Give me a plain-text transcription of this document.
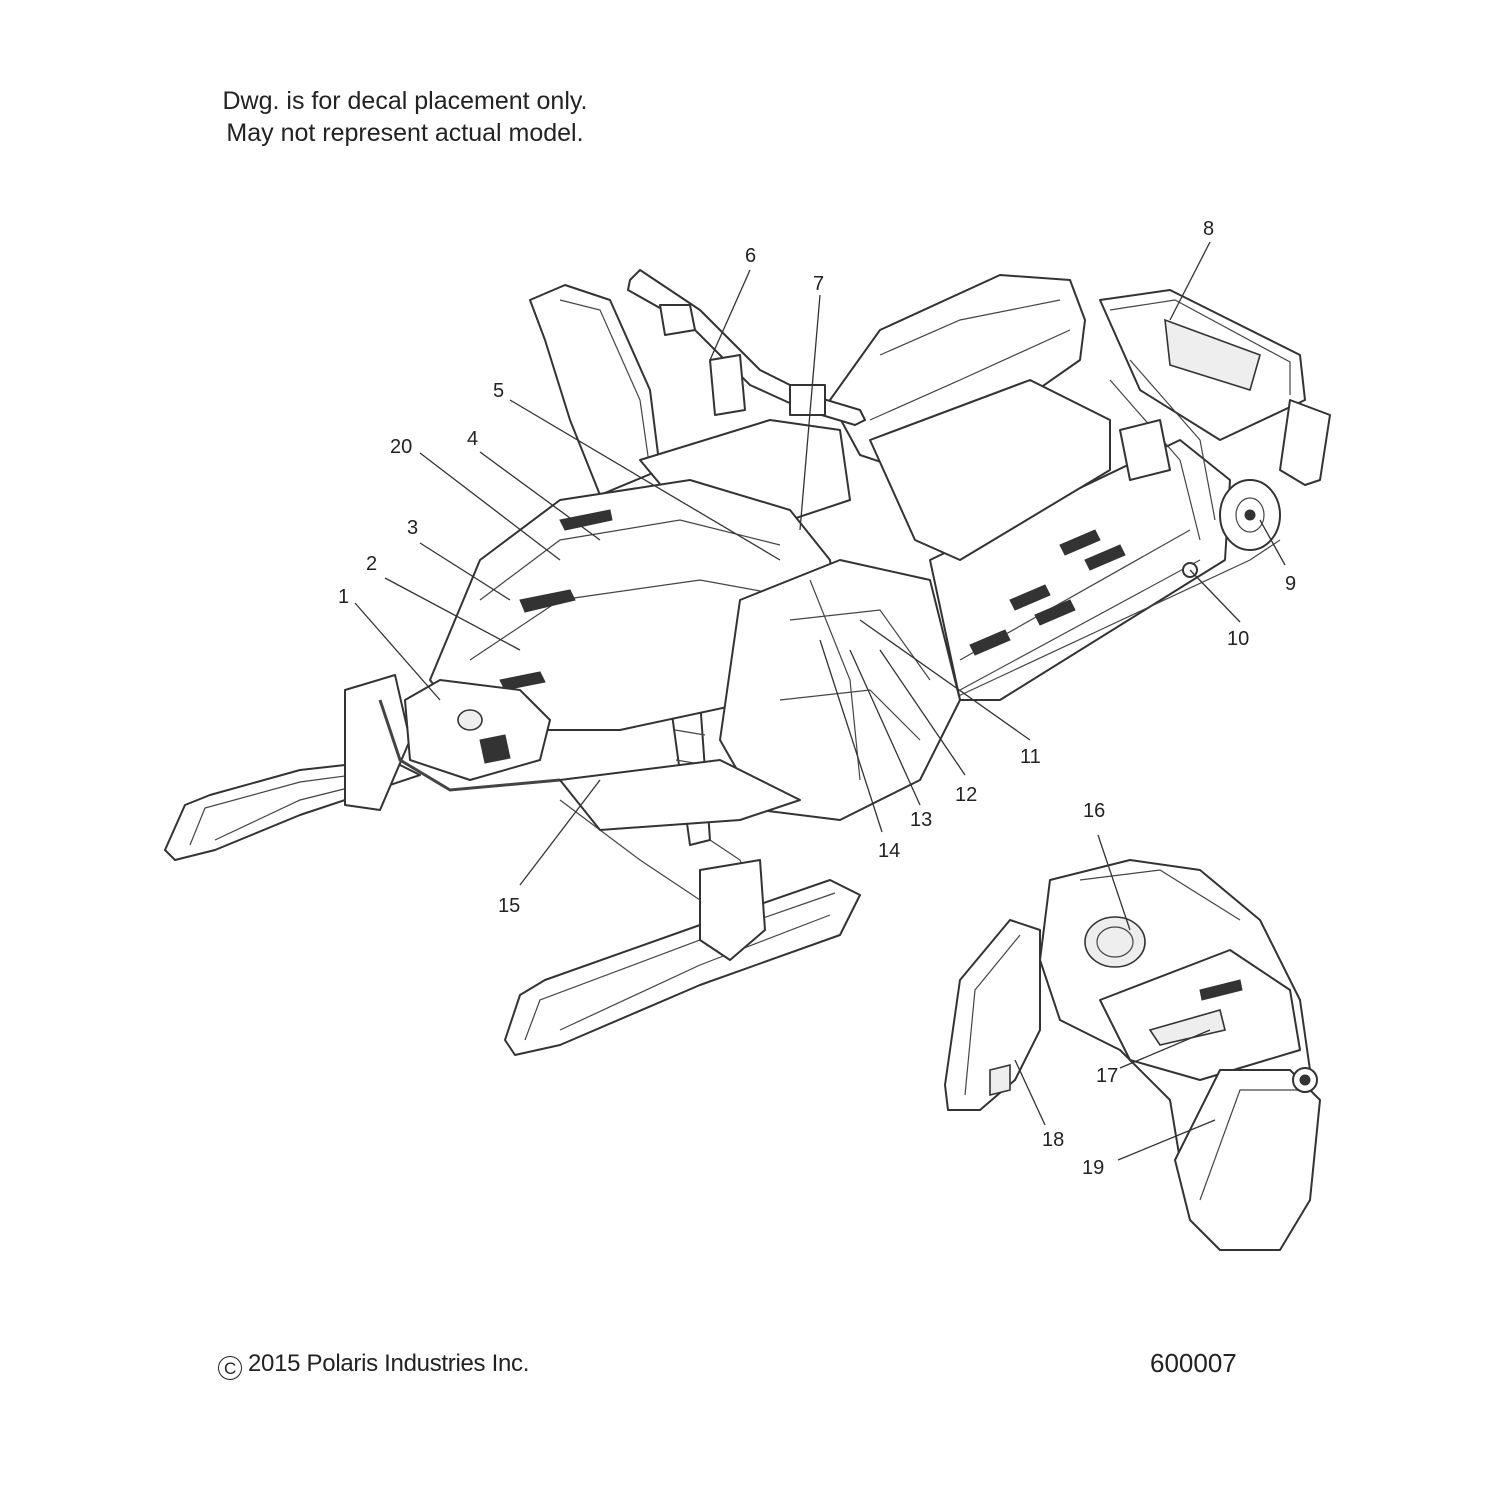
Dwg. is for decal placement only.
May not represent actual model.
1
2
3
4
5
6
7
8
9
10
11
12
13
14
15
16
17
18
19
20
C 2015 Polaris Industries Inc.	600007
